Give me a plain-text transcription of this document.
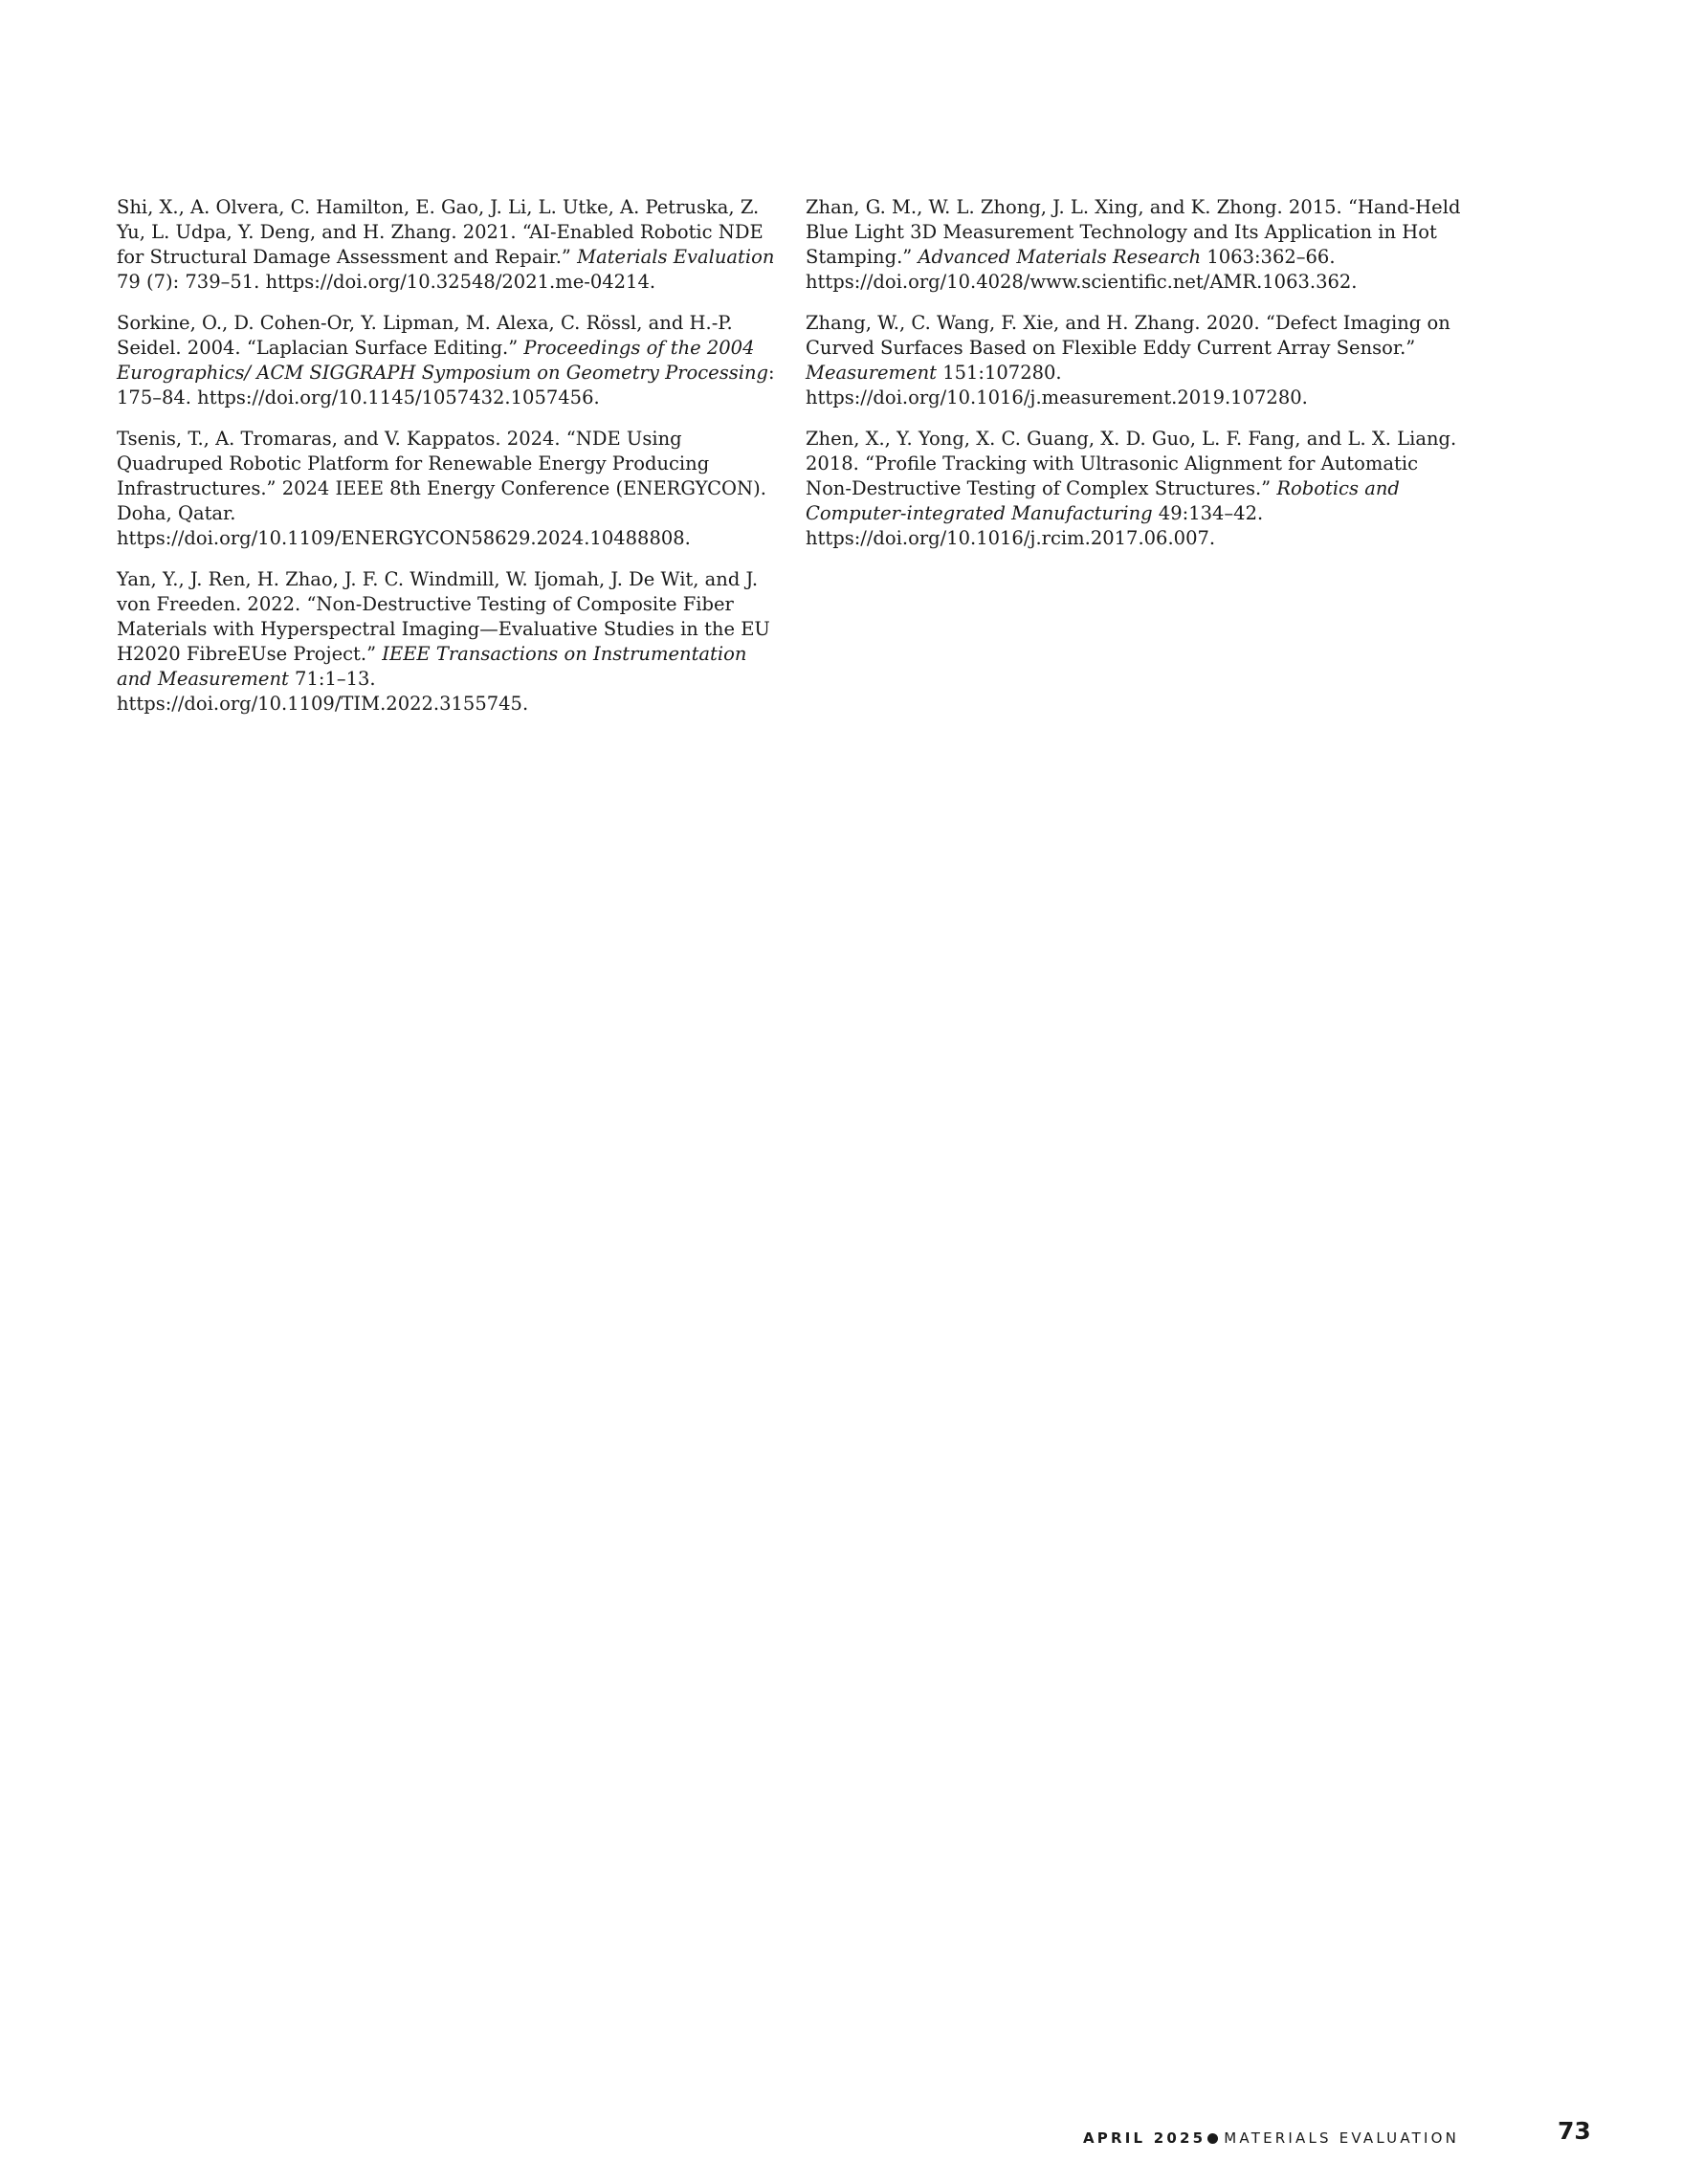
Shi, X., A. Olvera, C. Hamilton, E. Gao, J. Li, L. Utke, A. Petruska, Z. Yu, L. Udpa, Y. Deng, and H. Zhang. 2021. “AI-Enabled Robotic NDE for Structural Damage Assessment and Repair.” Materials Evaluation 79 (7): 739–51. https://doi.org/10.32548/2021.me-04214.

Sorkine, O., D. Cohen-Or, Y. Lipman, M. Alexa, C. Rössl, and H.-P. Seidel. 2004. “Laplacian Surface Editing.” Proceedings of the 2004 Eurographics/ ACM SIGGRAPH Symposium on Geometry Processing: 175–84. https://doi.org/10.1145/1057432.1057456.

Tsenis, T., A. Tromaras, and V. Kappatos. 2024. “NDE Using Quadruped Robotic Platform for Renewable Energy Producing Infrastructures.” 2024 IEEE 8th Energy Conference (ENERGYCON). Doha, Qatar. https://doi.org/10.1109/ENERGYCON58629.2024.10488808.

Yan, Y., J. Ren, H. Zhao, J. F. C. Windmill, W. Ijomah, J. De Wit, and J. von Freeden. 2022. “Non-Destructive Testing of Composite Fiber Materials with Hyperspectral Imaging—Evaluative Studies in the EU H2020 FibreEUse Project.” IEEE Transactions on Instrumentation and Measurement 71:1–13. https://doi.org/10.1109/TIM.2022.3155745.

Zhan, G. M., W. L. Zhong, J. L. Xing, and K. Zhong. 2015. “Hand-Held Blue Light 3D Measurement Technology and Its Application in Hot Stamping.” Advanced Materials Research 1063:362–66. https://doi.org/10.4028/www.scientific.net/AMR.1063.362.

Zhang, W., C. Wang, F. Xie, and H. Zhang. 2020. “Defect Imaging on Curved Surfaces Based on Flexible Eddy Current Array Sensor.” Measurement 151:107280. https://doi.org/10.1016/j.measurement.2019.107280.

Zhen, X., Y. Yong, X. C. Guang, X. D. Guo, L. F. Fang, and L. X. Liang. 2018. “Profile Tracking with Ultrasonic Alignment for Automatic Non-Destructive Testing of Complex Structures.” Robotics and Computer-integrated Manufacturing 49:134–42. https://doi.org/10.1016/j.rcim.2017.06.007.

APRIL 2025 MATERIALS EVALUATION	73
